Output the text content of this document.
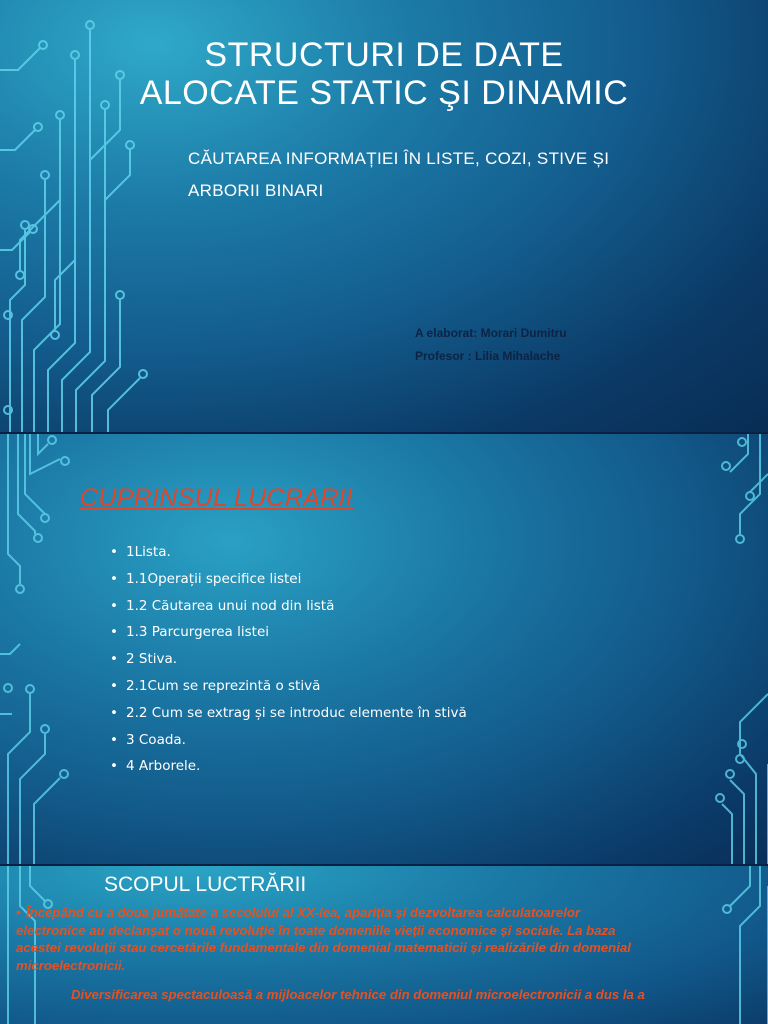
STRUCTURI DE DATE
ALOCATE STATIC ŞI DINAMIC
CĂUTAREA INFORMAȚIEI ÎN LISTE, COZI, STIVE ȘI
ARBORII BINARI
A elaborat: Morari Dumitru
Profesor : Lilia Mihalache
CUPRINSUL LUCRARII
• 1Lista.
• 1.1Operații specifice listei
• 1.2 Căutarea unui nod din listă
• 1.3 Parcurgerea listei
• 2 Stiva.
• 2.1Cum se reprezintă o stivă
• 2.2 Cum se extrag și se introduc elemente în stivă
• 3 Coada.
• 4 Arborele.
SCOPUL LUCTRĂRII

• Începând cu a doua jumătate a secolului al XX-lea, apariția și dezvoltarea calculatoarelor
electronice au declanșat o nouă revoluție în toate domeniile vieții economice și sociale. La baza
acestei revoluții stau cercetările fundamentale din domenial matematicii și realizările din domenial
microelectronicii.

Diversificarea spectaculoasă a mijloacelor tehnice din domeniul microelectronicii a dus la a
